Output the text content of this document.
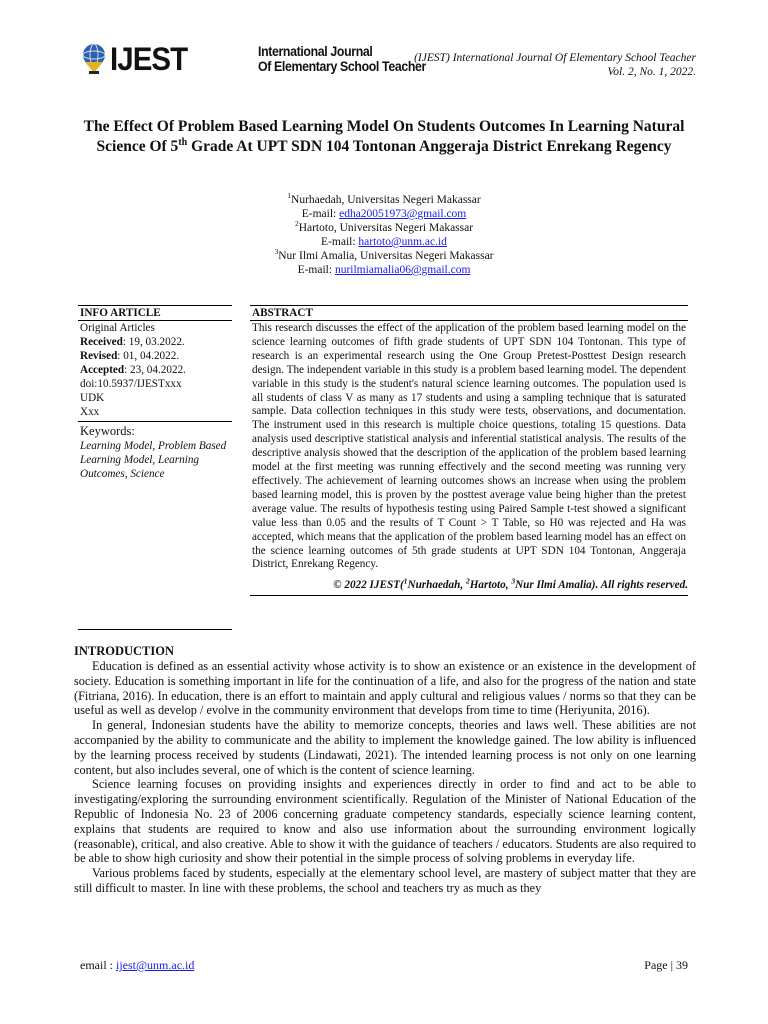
IJEST	International Journal
Of Elementary School Teacher
(IJEST) International Journal Of Elementary School Teacher
Vol. 2, No. 1, 2022.
The Effect Of Problem Based Learning Model On Students Outcomes In Learning Natural Science Of 5th Grade At UPT SDN 104 Tontonan Anggeraja District Enrekang Regency
$^1$Nurhaedah, Universitas Negeri Makassar
E-mail: edha20051973@gmail.com
$^2$Hartoto, Universitas Negeri Makassar
E-mail: hartoto@unm.ac.id
$^3$Nur Ilmi Amalia, Universitas Negeri Makassar
E-mail: nurilmiamalia06@gmail.com
INFO ARTICLE
Original Articles
Received: 19, 03.2022.
Revised: 01, 04.2022.
Accepted: 23, 04.2022.
doi:10.5937/IJESTxxx
UDK
Xxx
Keywords:
Learning Model, Problem Based Learning Model, Learning Outcomes, Science
ABSTRACT
This research discusses the effect of the application of the problem based learning model on the science learning outcomes of fifth grade students of UPT SDN 104 Tontonan. This type of research is an experimental research using the One Group Pretest-Posttest Design research design. The independent variable in this study is a problem based learning model. The dependent variable in this study is the student's natural science learning outcomes. The population used is all students of class V as many as 17 students and using a sampling technique that is saturated sample. Data collection techniques in this study were tests, observations, and documentation. The instrument used in this research is multiple choice questions, totaling 15 questions. Data analysis used descriptive statistical analysis and inferential statistical analysis. The results of the descriptive analysis showed that the description of the application of the problem based learning model at the first meeting was running effectively and the second meeting was running very effectively. The achievement of learning outcomes shows an increase when using the problem based learning model, this is proven by the posttest average value being higher than the pretest average value. The results of hypothesis testing using Paired Sample t-test showed a significant value less than 0.05 and the results of T Count > T Table, so H0 was rejected and Ha was accepted, which means that the application of the problem based learning model has an effect on the science learning outcomes of 5th grade students at UPT SDN 104 Tontonan, Anggeraja District, Enrekang Regency.
© 2022 IJEST($^1$Nurhaedah, $^2$Hartoto, $^3$Nur Ilmi Amalia). All rights reserved.
INTRODUCTION

Education is defined as an essential activity whose activity is to show an existence or an existence in the development of society. Education is something important in life for the continuation of a life, and also for the progress of the nation and state (Fitriana, 2016). In education, there is an effort to maintain and apply cultural and religious values / norms so that they can be useful as well as develop / evolve in the community environment that develops from time to time (Heriyunita, 2016).

In general, Indonesian students have the ability to memorize concepts, theories and laws well. These abilities are not accompanied by the ability to communicate and the ability to implement the knowledge gained. The low ability is influenced by the learning process received by students (Lindawati, 2021). The intended learning process is not only on one learning content, but also includes several, one of which is the content of science learning.

Science learning focuses on providing insights and experiences directly in order to find and act to be able to investigating/exploring the surrounding environment scientifically. Regulation of the Minister of National Education of the Republic of Indonesia No. 23 of 2006 concerning graduate competency standards, especially science learning content, explains that students are required to know and also use information about the surrounding environment logically (reasonable), critical, and also creative. Able to show it with the guidance of teachers / educators. Students are also required to be able to show high curiosity and show their potential in the simple process of solving problems in everyday life.

Various problems faced by students, especially at the elementary school level, are mastery of subject matter that they are still difficult to master. In line with these problems, the school and teachers try as much as they

email : ijest@unm.ac.id	Page | 39
